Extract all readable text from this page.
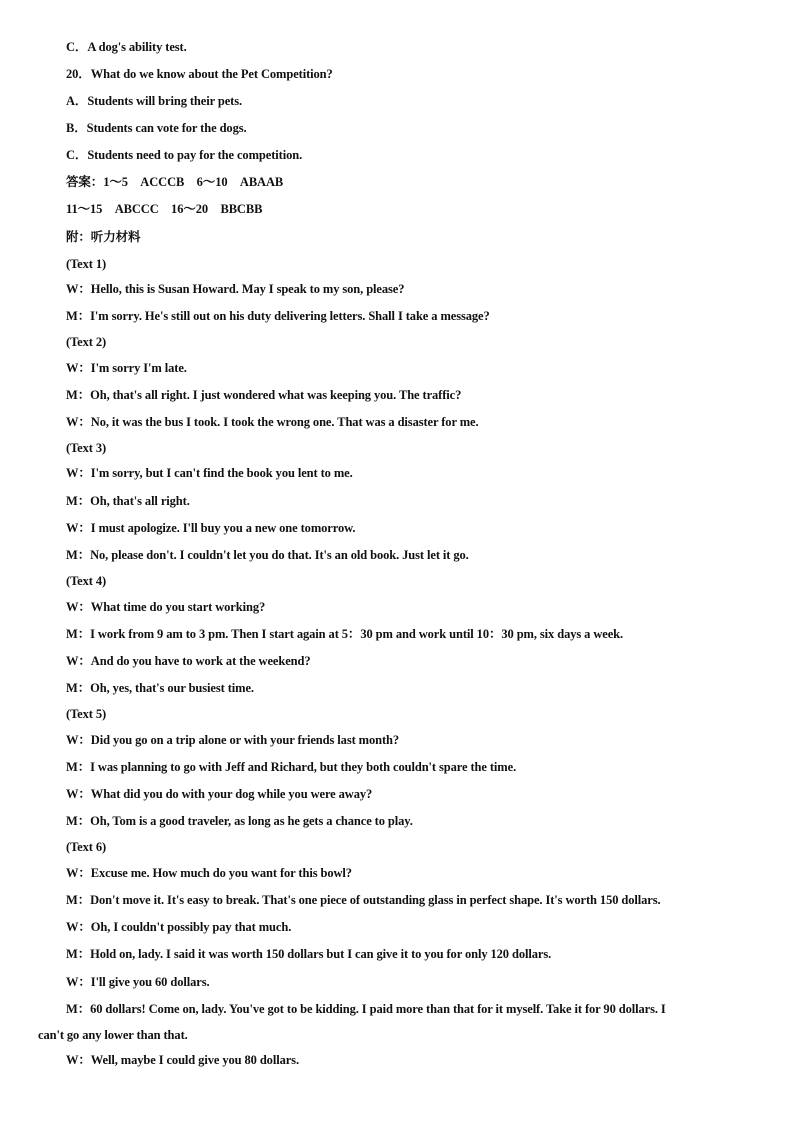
C．A dog's ability test.
20．What do we know about the Pet Competition?
A．Students will bring their pets.
B．Students can vote for the dogs.
C．Students need to pay for the competition.
答案：1～5　ACCCB　6～10　ABAAB
11～15　ABCCC　16～20　BBCBB
附：听力材料
(Text 1)
W：Hello, this is Susan Howard. May I speak to my son, please?
M：I'm sorry. He's still out on his duty delivering letters. Shall I take a message?
(Text 2)
W：I'm sorry I'm late.
M：Oh, that's all right. I just wondered what was keeping you. The traffic?
W：No, it was the bus I took. I took the wrong one. That was a disaster for me.
(Text 3)
W：I'm sorry, but I can't find the book you lent to me.
M：Oh, that's all right.
W：I must apologize. I'll buy you a new one tomorrow.
M：No, please don't. I couldn't let you do that. It's an old book. Just let it go.
(Text 4)
W：What time do you start working?
M：I work from 9 am to 3 pm. Then I start again at 5：30 pm and work until 10：30 pm, six days a week.
W：And do you have to work at the weekend?
M：Oh, yes, that's our busiest time.
(Text 5)
W：Did you go on a trip alone or with your friends last month?
M：I was planning to go with Jeff and Richard, but they both couldn't spare the time.
W：What did you do with your dog while you were away?
M：Oh, Tom is a good traveler, as long as he gets a chance to play.
(Text 6)
W：Excuse me. How much do you want for this bowl?
M：Don't move it. It's easy to break. That's one piece of outstanding glass in perfect shape. It's worth 150 dollars.
W：Oh, I couldn't possibly pay that much.
M：Hold on, lady. I said it was worth 150 dollars but I can give it to you for only 120 dollars.
W：I'll give you 60 dollars.
M：60 dollars! Come on, lady. You've got to be kidding. I paid more than that for it myself. Take it for 90 dollars. I
can't go any lower than that.
W：Well, maybe I could give you 80 dollars.
